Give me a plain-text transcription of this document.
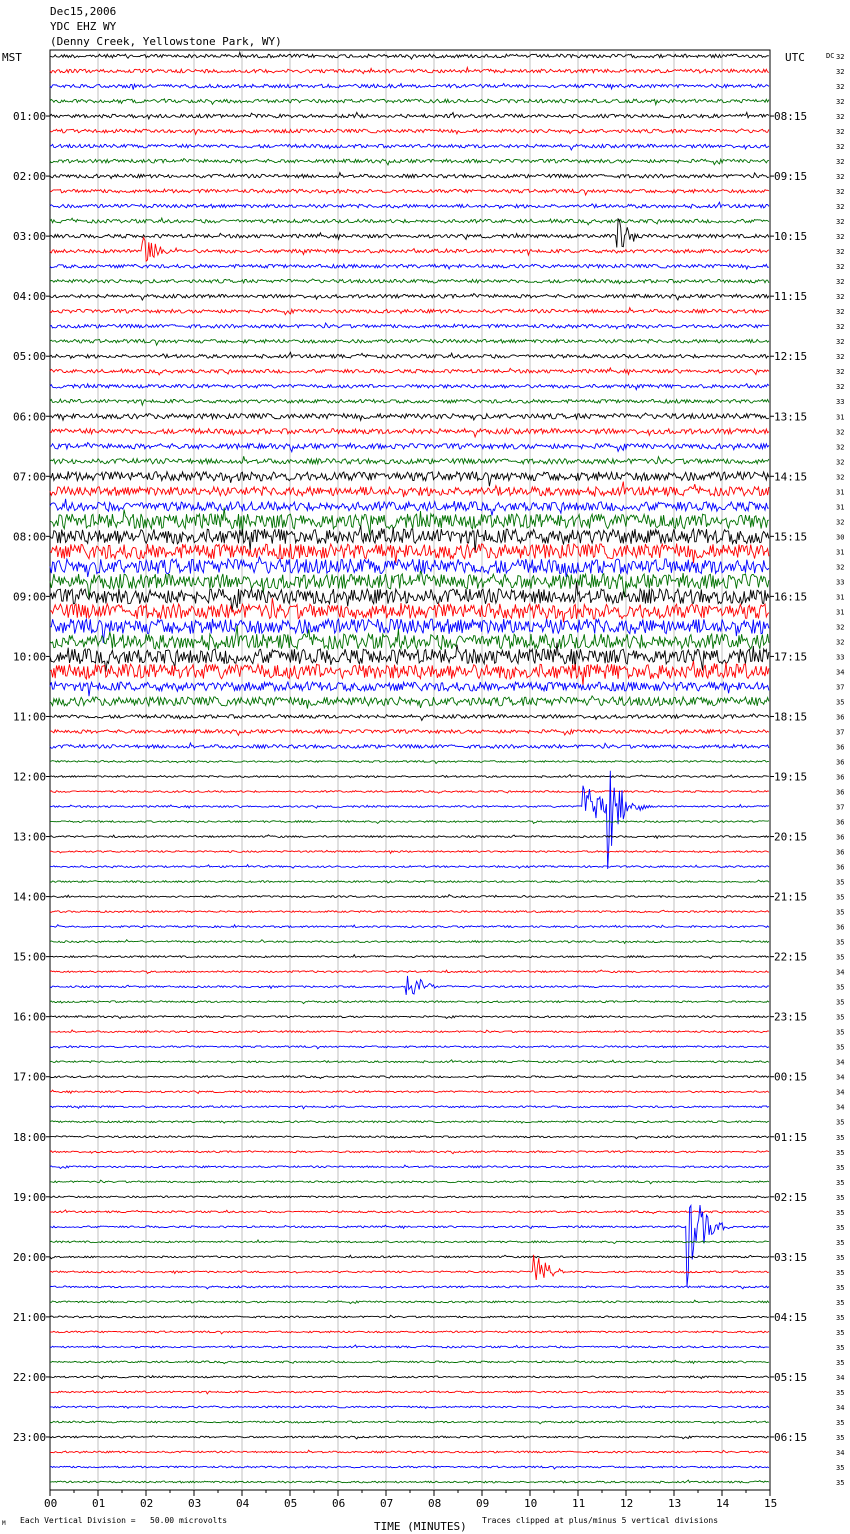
Dec15,2006
YDC EHZ WY
(Denny Creek, Yellowstone Park, WY)
MST	UTC	DC
01:00
02:00
03:00
04:00
05:00
06:00
07:00
08:00
09:00
10:00
11:00
12:00
13:00
14:00
15:00
16:00
17:00
18:00
19:00
20:00
21:00
22:00
23:00
08:15
09:15
10:15
11:15
12:15
13:15
14:15
15:15
16:15
17:15
18:15
19:15
20:15
21:15
22:15
23:15
00:15
01:15
02:15
03:15
04:15
05:15
06:15
32
32
32
32
32
32
32
32
32
32
32
32
32
32
32
32
32
32
32
32
32
32
32
33
31
32
32
32
32
31
31
32
30
31
32
33
31
31
32
32
33
34
37
35
36
37
36
36
36
36
37
36
36
36
36
35
35
35
36
35
35
34
35
35
35
35
35
34
34
34
34
35
35
35
35
35
35
35
35
35
35
35
35
35
35
35
35
35
34
35
34
35
35
34
35
35
00	01	02	03	04	05	06	07	08	09	10	11	12	13	14	15
TIME (MINUTES)
Each Vertical Division =   50.00 microvolts	Traces clipped at plus/minus 5 vertical divisions
M
